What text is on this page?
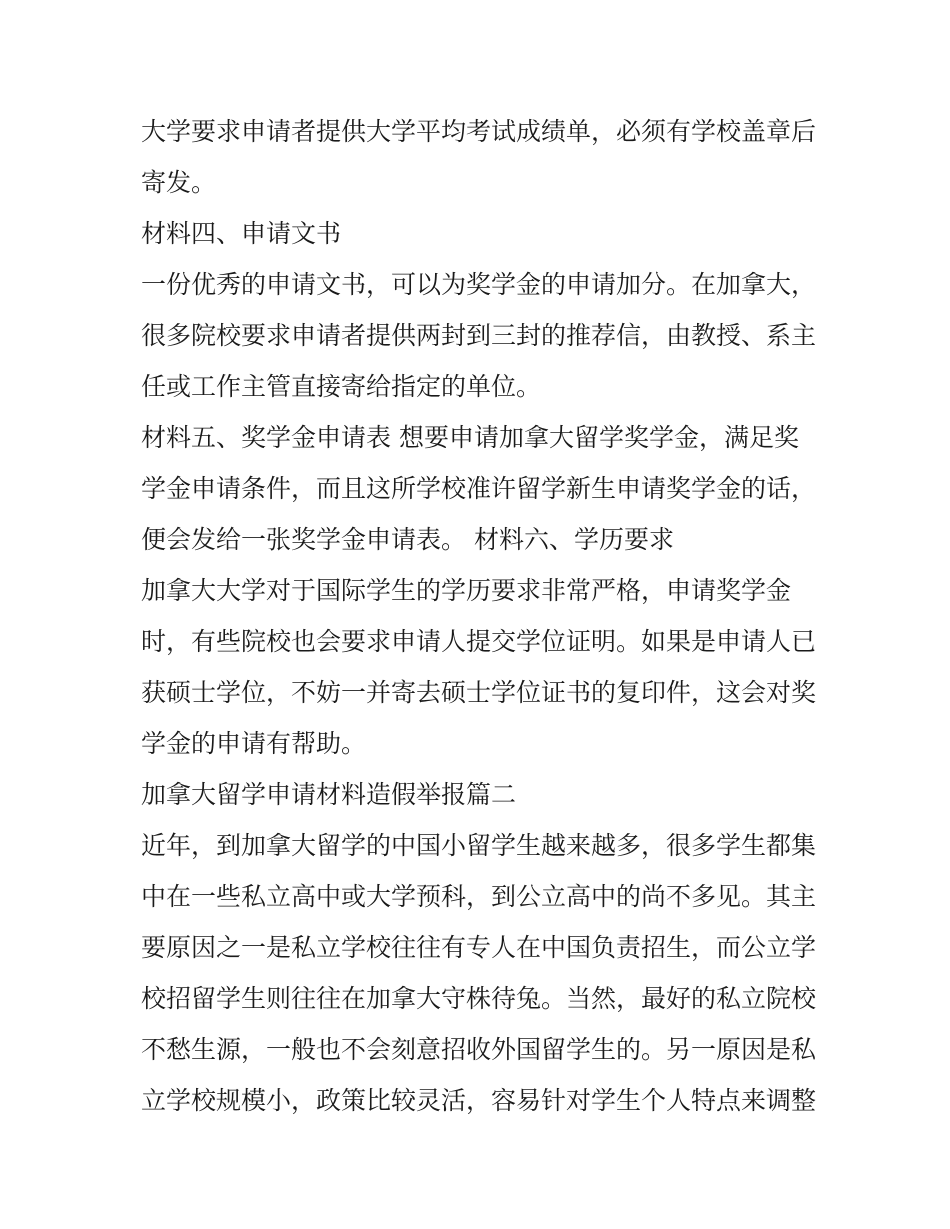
大学要求申请者提供大学平均考试成绩单，必须有学校盖章后
寄发。
材料四、申请文书
一份优秀的申请文书，可以为奖学金的申请加分。在加拿大，
很多院校要求申请者提供两封到三封的推荐信，由教授、系主
任或工作主管直接寄给指定的单位。
材料五、奖学金申请表 想要申请加拿大留学奖学金，满足奖
学金申请条件，而且这所学校准许留学新生申请奖学金的话，
便会发给一张奖学金申请表。 材料六、学历要求
加拿大大学对于国际学生的学历要求非常严格，申请奖学金
时，有些院校也会要求申请人提交学位证明。如果是申请人已
获硕士学位，不妨一并寄去硕士学位证书的复印件，这会对奖
学金的申请有帮助。
加拿大留学申请材料造假举报篇二
近年，到加拿大留学的中国小留学生越来越多，很多学生都集
中在一些私立高中或大学预科，到公立高中的尚不多见。其主
要原因之一是私立学校往往有专人在中国负责招生，而公立学
校招留学生则往往在加拿大守株待兔。当然，最好的私立院校
不愁生源，一般也不会刻意招收外国留学生的。另一原因是私
立学校规模小，政策比较灵活，容易针对学生个人特点来调整
